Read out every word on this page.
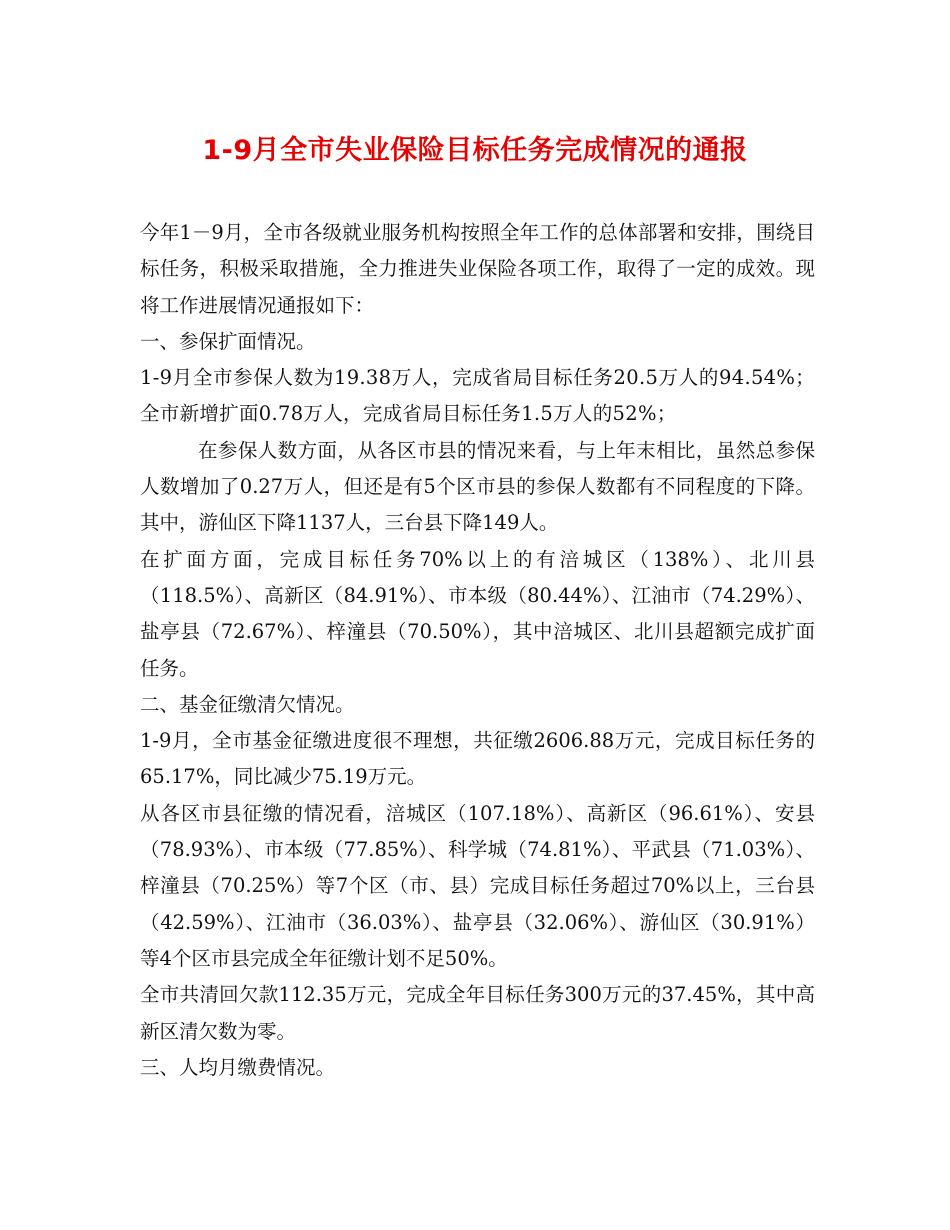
1-9月全市失业保险目标任务完成情况的通报

今年1－9月，全市各级就业服务机构按照全年工作的总体部署和安排，围绕目标任务，积极采取措施，全力推进失业保险各项工作，取得了一定的成效。现将工作进展情况通报如下：

一、参保扩面情况。

1-9月全市参保人数为19.38万人，完成省局目标任务20.5万人的94.54%；全市新增扩面0.78万人，完成省局目标任务1.5万人的52%；

在参保人数方面，从各区市县的情况来看，与上年末相比，虽然总参保人数增加了0.27万人，但还是有5个区市县的参保人数都有不同程度的下降。其中，游仙区下降1137人，三台县下降149人。

在扩面方面，完成目标任务70%以上的有涪城区（138%）、北川县（118.5%）、高新区（84.91%）、市本级（80.44%）、江油市（74.29%）、盐亭县（72.67%）、梓潼县（70.50%），其中涪城区、北川县超额完成扩面任务。

二、基金征缴清欠情况。

1-9月，全市基金征缴进度很不理想，共征缴2606.88万元，完成目标任务的65.17%，同比减少75.19万元。

从各区市县征缴的情况看，涪城区（107.18%）、高新区（96.61%）、安县（78.93%）、市本级（77.85%）、科学城（74.81%）、平武县（71.03%）、梓潼县（70.25%）等7个区（市、县）完成目标任务超过70%以上，三台县（42.59%）、江油市（36.03%）、盐亭县（32.06%）、游仙区（30.91%）等4个区市县完成全年征缴计划不足50%。

全市共清回欠款112.35万元，完成全年目标任务300万元的37.45%，其中高新区清欠数为零。

三、人均月缴费情况。
